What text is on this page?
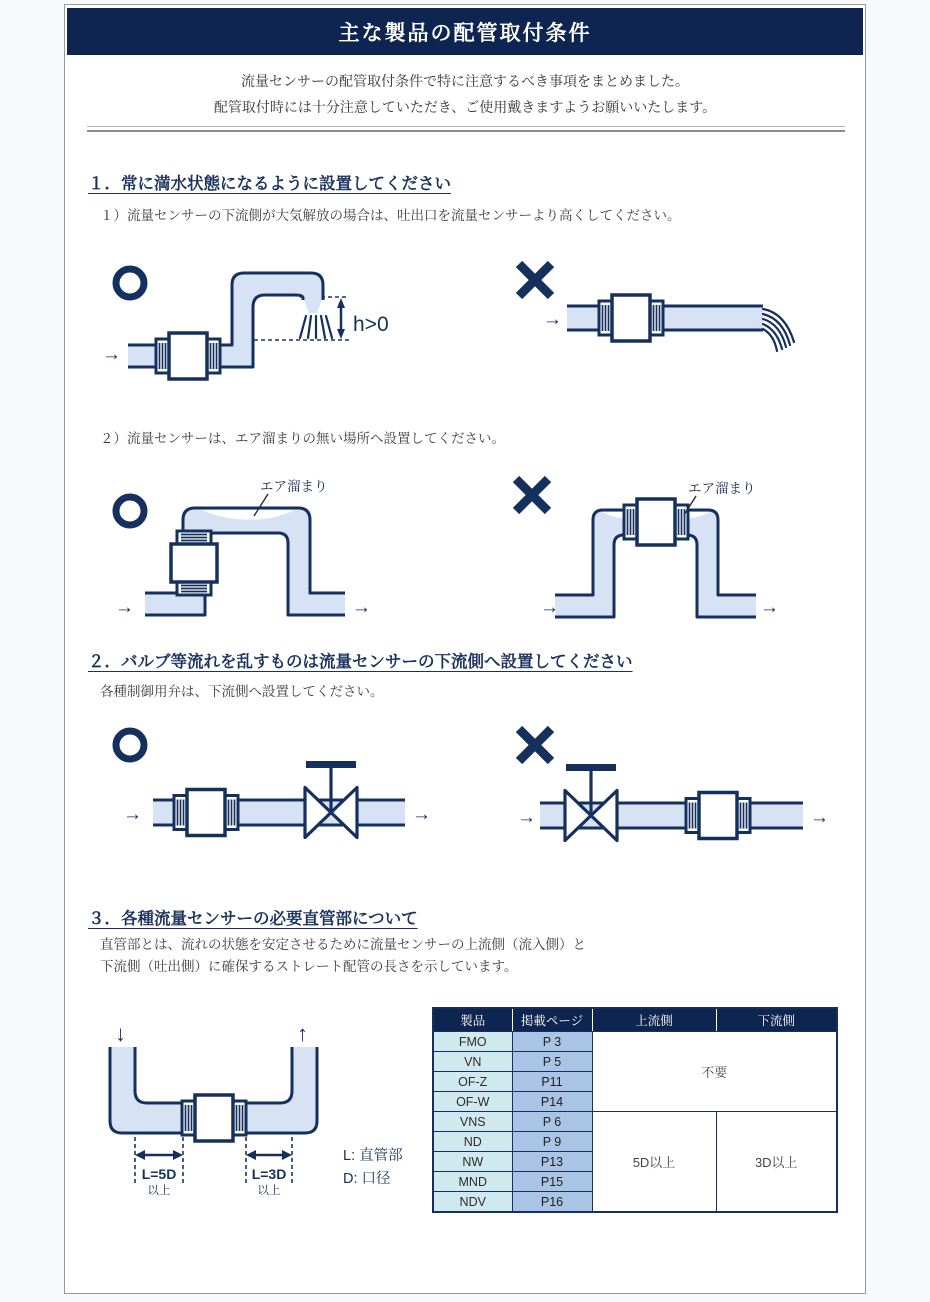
主な製品の配管取付条件
流量センサーの配管取付条件で特に注意するべき事項をまとめました。
配管取付時には十分注意していただき、ご使用戴きますようお願いいたします。
１．常に満水状態になるように設置してください

１）流量センサーの下流側が大気解放の場合は、吐出口を流量センサーより高くしてください。

h>0
→
→

２）流量センサーは、エア溜まりの無い場所へ設置してください。

エア溜まり
→	→
エア溜まり
→	→
２．バルブ等流れを乱すものは流量センサーの下流側へ設置してください

各種制御用弁は、下流側へ設置してください。

→	→	→	→
３．各種流量センサーの必要直管部について

直管部とは、流れの状態を安定させるために流量センサーの上流側（流入側）と
下流側（吐出側）に確保するストレート配管の長さを示しています。

↓	↑
L=5D
以上
L=3D
以上
L: 直管部
D: 口径
製品	掲載ページ	上流側	下流側
FMO	P 3	不要	
VN	P 5		
OF-Z	P11		
OF-W	P14		
VNS	P 6	5D以上	3D以上
ND	P 9		
NW	P13		
MND	P15		
NDV	P16		
